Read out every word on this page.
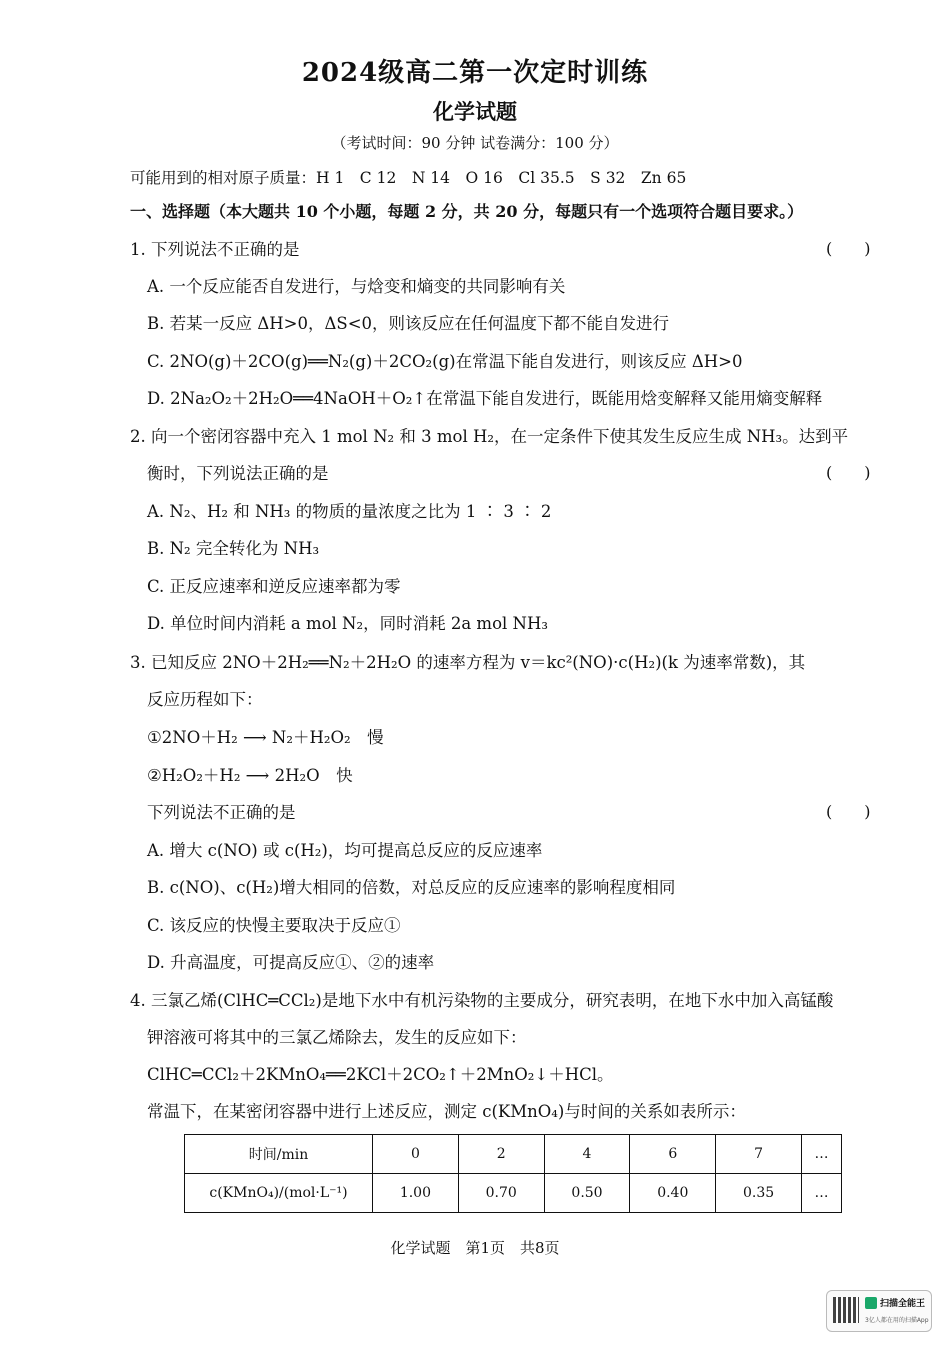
2024级高二第一次定时训练
化学试题
（考试时间：90 分钟 试卷满分：100 分）
可能用到的相对原子质量：H 1　C 12　N 14　O 16　Cl 35.5　S 32　Zn 65
一、选择题（本大题共 10 个小题，每题 2 分，共 20 分，每题只有一个选项符合题目要求。）
1. 下列说法不正确的是	(　　)
A. 一个反应能否自发进行，与焓变和熵变的共同影响有关
B. 若某一反应 ΔH>0，ΔS<0，则该反应在任何温度下都不能自发进行
C. 2NO(g)＋2CO(g)══N₂(g)＋2CO₂(g)在常温下能自发进行，则该反应 ΔH>0
D. 2Na₂O₂＋2H₂O══4NaOH＋O₂↑在常温下能自发进行，既能用焓变解释又能用熵变解释
2. 向一个密闭容器中充入 1 mol N₂ 和 3 mol H₂，在一定条件下使其发生反应生成 NH₃。达到平
衡时，下列说法正确的是	(　　)
A. N₂、H₂ 和 NH₃ 的物质的量浓度之比为 1 ∶ 3 ∶ 2
B. N₂ 完全转化为 NH₃
C. 正反应速率和逆反应速率都为零
D. 单位时间内消耗 a mol N₂，同时消耗 2a mol NH₃
3. 已知反应 2NO＋2H₂══N₂＋2H₂O 的速率方程为 v＝kc²(NO)·c(H₂)(k 为速率常数)，其
反应历程如下：
①2NO＋H₂ ⟶ N₂＋H₂O₂　慢
②H₂O₂＋H₂ ⟶ 2H₂O　快
下列说法不正确的是	(　　)
A. 增大 c(NO) 或 c(H₂)，均可提高总反应的反应速率
B. c(NO)、c(H₂)增大相同的倍数，对总反应的反应速率的影响程度相同
C. 该反应的快慢主要取决于反应①
D. 升高温度，可提高反应①、②的速率
4. 三氯乙烯(ClHC═CCl₂)是地下水中有机污染物的主要成分，研究表明，在地下水中加入高锰酸
钾溶液可将其中的三氯乙烯除去，发生的反应如下：
ClHC═CCl₂＋2KMnO₄══2KCl＋2CO₂↑＋2MnO₂↓＋HCl。
常温下，在某密闭容器中进行上述反应，测定 c(KMnO₄)与时间的关系如表所示：
时间/min	0	2	4	6	7	…
c(KMnO₄)/(mol·L⁻¹)	1.00	0.70	0.50	0.40	0.35	…
化学试题　第1页　共8页
扫描全能王
3亿人都在用的扫描App
